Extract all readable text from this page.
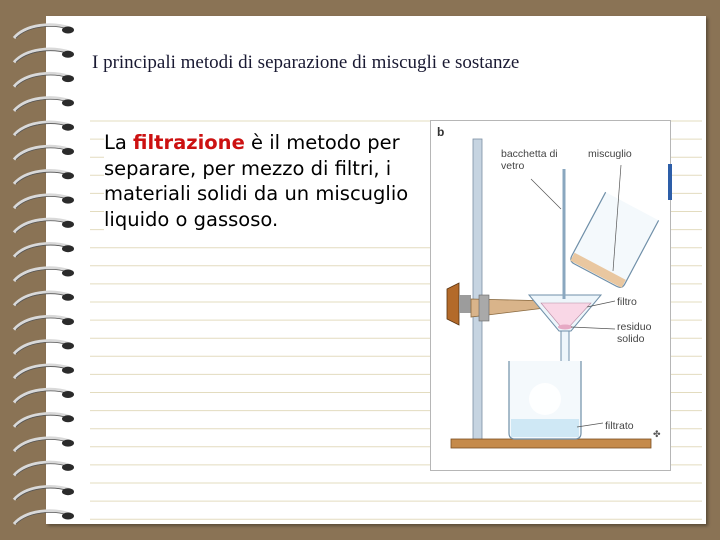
I principali metodi di separazione di miscugli e sostanze
La filtrazione è il metodo per separare, per mezzo di filtri, i materiali solidi da un miscuglio liquido o gassoso.
b
✤
bacchetta di vetro
miscuglio
filtro
residuo solido
filtrato
